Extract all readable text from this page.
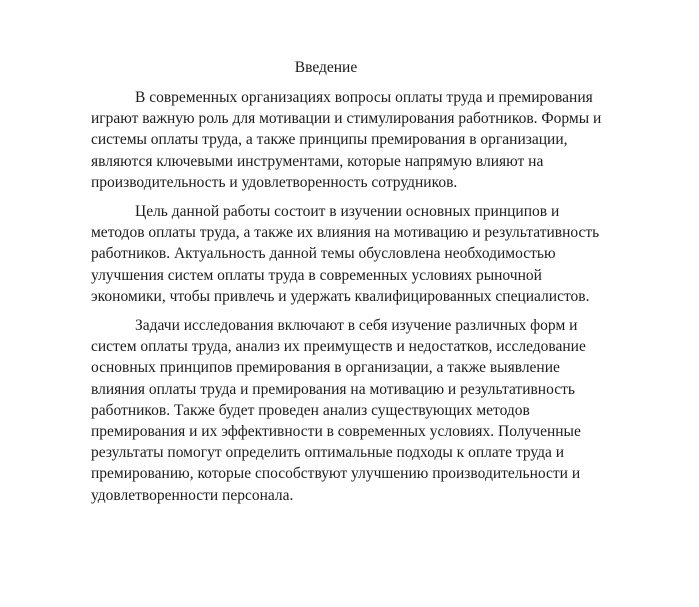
Введение
В современных организациях вопросы оплаты труда и премирования
играют важную роль для мотивации и стимулирования работников. Формы и
системы оплаты труда, а также принципы премирования в организации,
являются ключевыми инструментами, которые напрямую влияют на
производительность и удовлетворенность сотрудников.
Цель данной работы состоит в изучении основных принципов и
методов оплаты труда, а также их влияния на мотивацию и результативность
работников. Актуальность данной темы обусловлена необходимостью
улучшения систем оплаты труда в современных условиях рыночной
экономики, чтобы привлечь и удержать квалифицированных специалистов.
Задачи исследования включают в себя изучение различных форм и
систем оплаты труда, анализ их преимуществ и недостатков, исследование
основных принципов премирования в организации, а также выявление
влияния оплаты труда и премирования на мотивацию и результативность
работников. Также будет проведен анализ существующих методов
премирования и их эффективности в современных условиях. Полученные
результаты помогут определить оптимальные подходы к оплате труда и
премированию, которые способствуют улучшению производительности и
удовлетворенности персонала.
